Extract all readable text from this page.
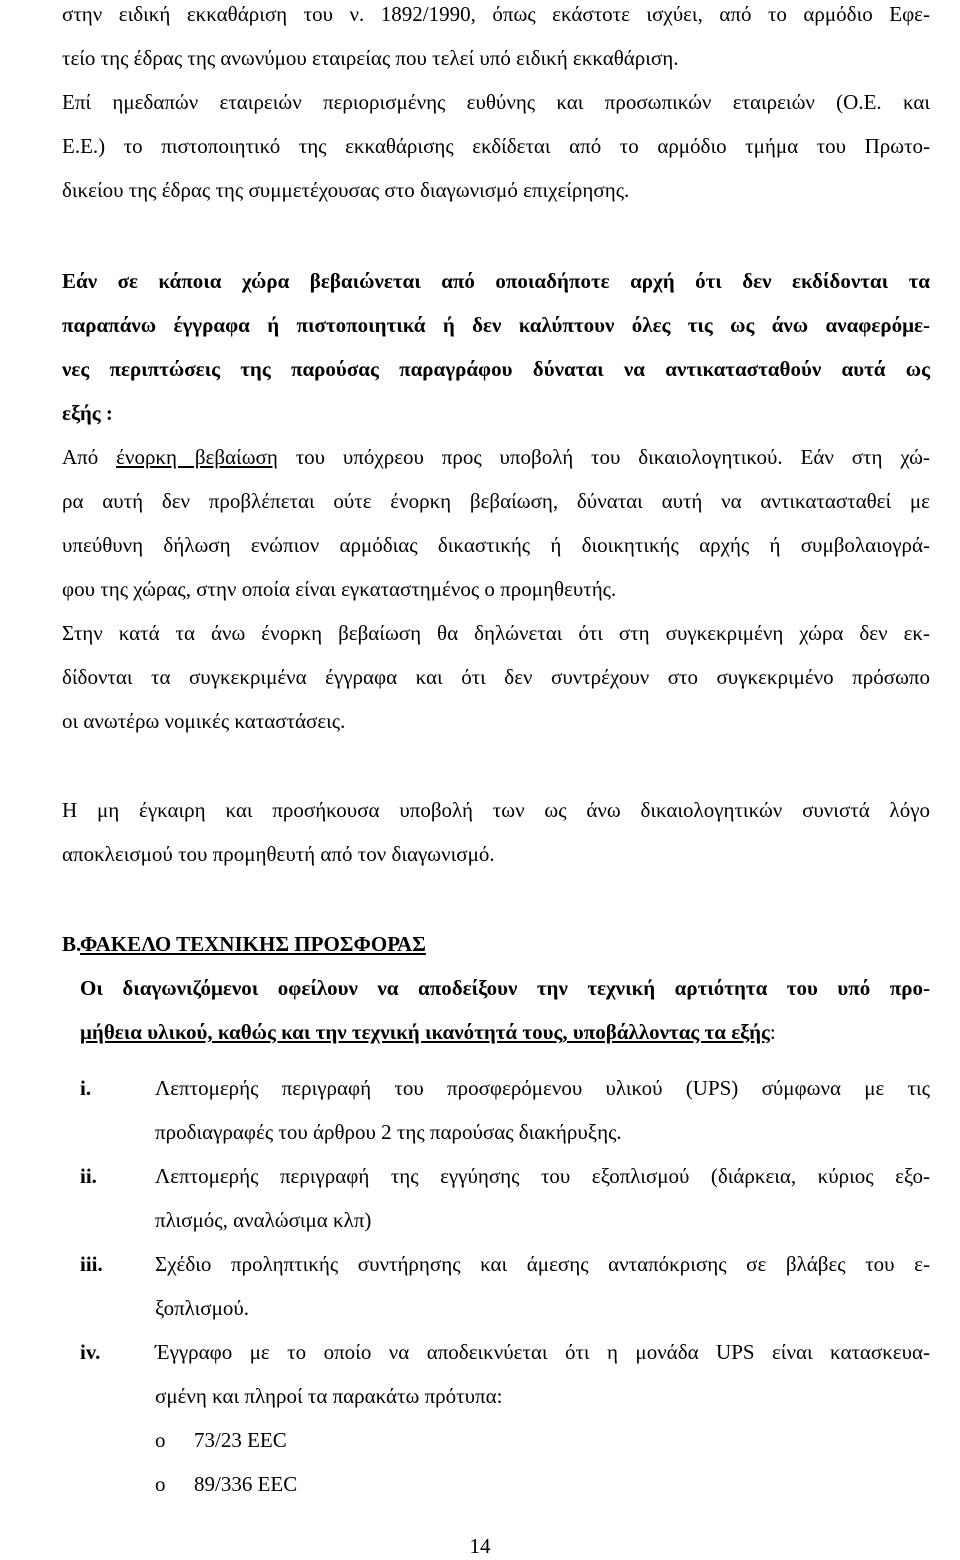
στην ειδική εκκαθάριση του ν. 1892/1990, όπως εκάστοτε ισχύει, από το αρμόδιο Εφε-
τείο της έδρας της ανωνύμου εταιρείας που τελεί υπό ειδική εκκαθάριση.
Επί ημεδαπών εταιρειών περιορισμένης ευθύνης και προσωπικών εταιρειών (Ο.Ε. και
Ε.Ε.) το πιστοποιητικό της εκκαθάρισης εκδίδεται από το αρμόδιο τμήμα του Πρωτο-
δικείου της έδρας της συμμετέχουσας στο διαγωνισμό επιχείρησης.
Εάν σε κάποια χώρα βεβαιώνεται από οποιαδήποτε αρχή ότι δεν εκδίδονται τα
παραπάνω έγγραφα ή πιστοποιητικά ή δεν καλύπτουν όλες τις ως άνω αναφερόμε-
νες περιπτώσεις της παρούσας παραγράφου δύναται να αντικατασταθούν αυτά ως
εξής :
Από ένορκη βεβαίωση του υπόχρεου προς υποβολή του δικαιολογητικού. Εάν στη χώ-
ρα αυτή δεν προβλέπεται ούτε ένορκη βεβαίωση, δύναται αυτή να αντικατασταθεί με
υπεύθυνη δήλωση ενώπιον αρμόδιας δικαστικής ή διοικητικής αρχής ή συμβολαιογρά-
φου της χώρας, στην οποία είναι εγκαταστημένος ο προμηθευτής.
Στην κατά τα άνω ένορκη βεβαίωση θα δηλώνεται ότι στη συγκεκριμένη χώρα δεν εκ-
δίδονται τα συγκεκριμένα έγγραφα και ότι δεν συντρέχουν στο συγκεκριμένο πρόσωπο
οι ανωτέρω νομικές καταστάσεις.
Η μη έγκαιρη και προσήκουσα υποβολή των ως άνω δικαιολογητικών συνιστά λόγο
αποκλεισμού του προμηθευτή από τον διαγωνισμό.
Β.
ΦΑΚΕΛΟ ΤΕΧΝΙΚΗΣ ΠΡΟΣΦΟΡΑΣ
Οι διαγωνιζόμενοι οφείλουν να αποδείξουν την τεχνική αρτιότητα του υπό προ-
μήθεια υλικού, καθώς και την τεχνική ικανότητά τους, υποβάλλοντας τα εξής:
i.	Λεπτομερής περιγραφή του προσφερόμενου υλικού (UPS) σύμφωνα με τις
προδιαγραφές του άρθρου 2 της παρούσας διακήρυξης.
ii.	Λεπτομερής περιγραφή της εγγύησης του εξοπλισμού (διάρκεια, κύριος εξο-
πλισμός, αναλώσιμα κλπ)
iii. Σχέδιο προληπτικής συντήρησης και άμεσης ανταπόκρισης σε βλάβες του ε-
ξοπλισμού.
iv.	Έγγραφο με το οποίο να αποδεικνύεται ότι η μονάδα UPS είναι κατασκευα-
σμένη και πληροί τα παρακάτω πρότυπα:
o 73/23 EEC
o 89/336 EEC
14
